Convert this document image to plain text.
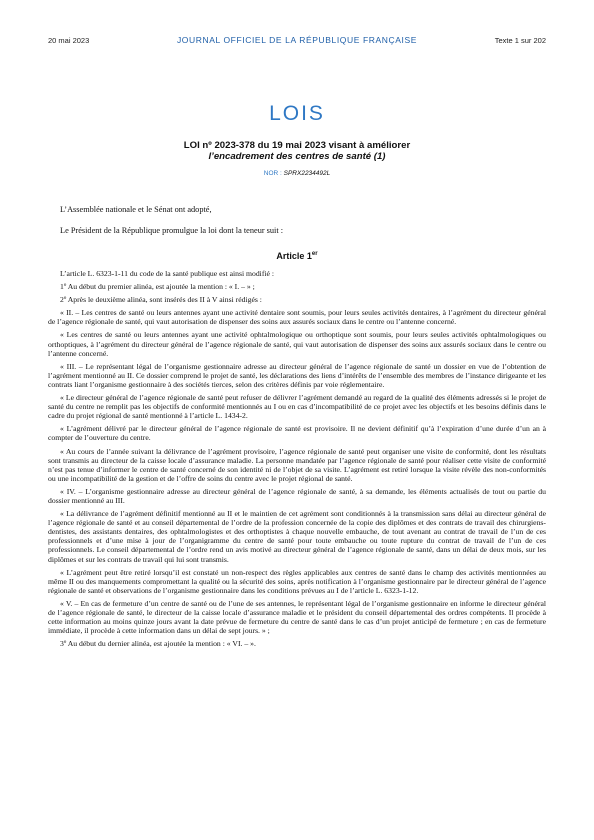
20 mai 2023	JOURNAL OFFICIEL DE LA RÉPUBLIQUE FRANÇAISE	Texte 1 sur 202
LOIS
LOI nº 2023-378 du 19 mai 2023 visant à améliorer
l’encadrement des centres de santé (1)
NOR : SPRX2234492L
L’Assemblée nationale et le Sénat ont adopté,
Le Président de la République promulgue la loi dont la teneur suit :
Article 1er

L’article L. 6323-1-11 du code de la santé publique est ainsi modifié :

1º Au début du premier alinéa, est ajoutée la mention : « I. – » ;

2º Après le deuxième alinéa, sont insérés des II à V ainsi rédigés :

« II. – Les centres de santé ou leurs antennes ayant une activité dentaire sont soumis, pour leurs seules activités dentaires, à l’agrément du directeur général de l’agence régionale de santé, qui vaut autorisation de dispenser des soins aux assurés sociaux dans le centre ou l’antenne concerné.

« Les centres de santé ou leurs antennes ayant une activité ophtalmologique ou orthoptique sont soumis, pour leurs seules activités ophtalmologiques ou orthoptiques, à l’agrément du directeur général de l’agence régionale de santé, qui vaut autorisation de dispenser des soins aux assurés sociaux dans le centre ou l’antenne concerné.

« III. – Le représentant légal de l’organisme gestionnaire adresse au directeur général de l’agence régionale de santé un dossier en vue de l’obtention de l’agrément mentionné au II. Ce dossier comprend le projet de santé, les déclarations des liens d’intérêts de l’ensemble des membres de l’instance dirigeante et les contrats liant l’organisme gestionnaire à des sociétés tierces, selon des critères définis par voie réglementaire.

« Le directeur général de l’agence régionale de santé peut refuser de délivrer l’agrément demandé au regard de la qualité des éléments adressés si le projet de santé du centre ne remplit pas les objectifs de conformité mentionnés au I ou en cas d’incompatibilité de ce projet avec les objectifs et les besoins définis dans le cadre du projet régional de santé mentionné à l’article L. 1434-2.

« L’agrément délivré par le directeur général de l’agence régionale de santé est provisoire. Il ne devient définitif qu’à l’expiration d’une durée d’un an à compter de l’ouverture du centre.

« Au cours de l’année suivant la délivrance de l’agrément provisoire, l’agence régionale de santé peut organiser une visite de conformité, dont les résultats sont transmis au directeur de la caisse locale d’assurance maladie. La personne mandatée par l’agence régionale de santé pour réaliser cette visite de conformité n’est pas tenue d’informer le centre de santé concerné de son identité ni de l’objet de sa visite. L’agrément est retiré lorsque la visite révèle des non-conformités ou une incompatibilité de la gestion et de l’offre de soins du centre avec le projet régional de santé.

« IV. – L’organisme gestionnaire adresse au directeur général de l’agence régionale de santé, à sa demande, les éléments actualisés de tout ou partie du dossier mentionné au III.

« La délivrance de l’agrément définitif mentionné au II et le maintien de cet agrément sont conditionnés à la transmission sans délai au directeur général de l’agence régionale de santé et au conseil départemental de l’ordre de la profession concernée de la copie des diplômes et des contrats de travail des chirurgiens-dentistes, des assistants dentaires, des ophtalmologistes et des orthoptistes à chaque nouvelle embauche, de tout avenant au contrat de travail de l’un de ces professionnels et d’une mise à jour de l’organigramme du centre de santé pour toute embauche ou toute rupture du contrat de travail de l’un de ces professionnels. Le conseil départemental de l’ordre rend un avis motivé au directeur général de l’agence régionale de santé, dans un délai de deux mois, sur les diplômes et sur les contrats de travail qui lui sont transmis.

« L’agrément peut être retiré lorsqu’il est constaté un non-respect des règles applicables aux centres de santé dans le champ des activités mentionnées au même II ou des manquements compromettant la qualité ou la sécurité des soins, après notification à l’organisme gestionnaire par le directeur général de l’agence régionale de santé et observations de l’organisme gestionnaire dans les conditions prévues au I de l’article L. 6323-1-12.

« V. – En cas de fermeture d’un centre de santé ou de l’une de ses antennes, le représentant légal de l’organisme gestionnaire en informe le directeur général de l’agence régionale de santé, le directeur de la caisse locale d’assurance maladie et le président du conseil départemental des ordres compétents. Il procède à cette information au moins quinze jours avant la date prévue de fermeture du centre de santé dans le cas d’un projet anticipé de fermeture ; en cas de fermeture immédiate, il procède à cette information dans un délai de sept jours. » ;

3º Au début du dernier alinéa, est ajoutée la mention : « VI. – ».
